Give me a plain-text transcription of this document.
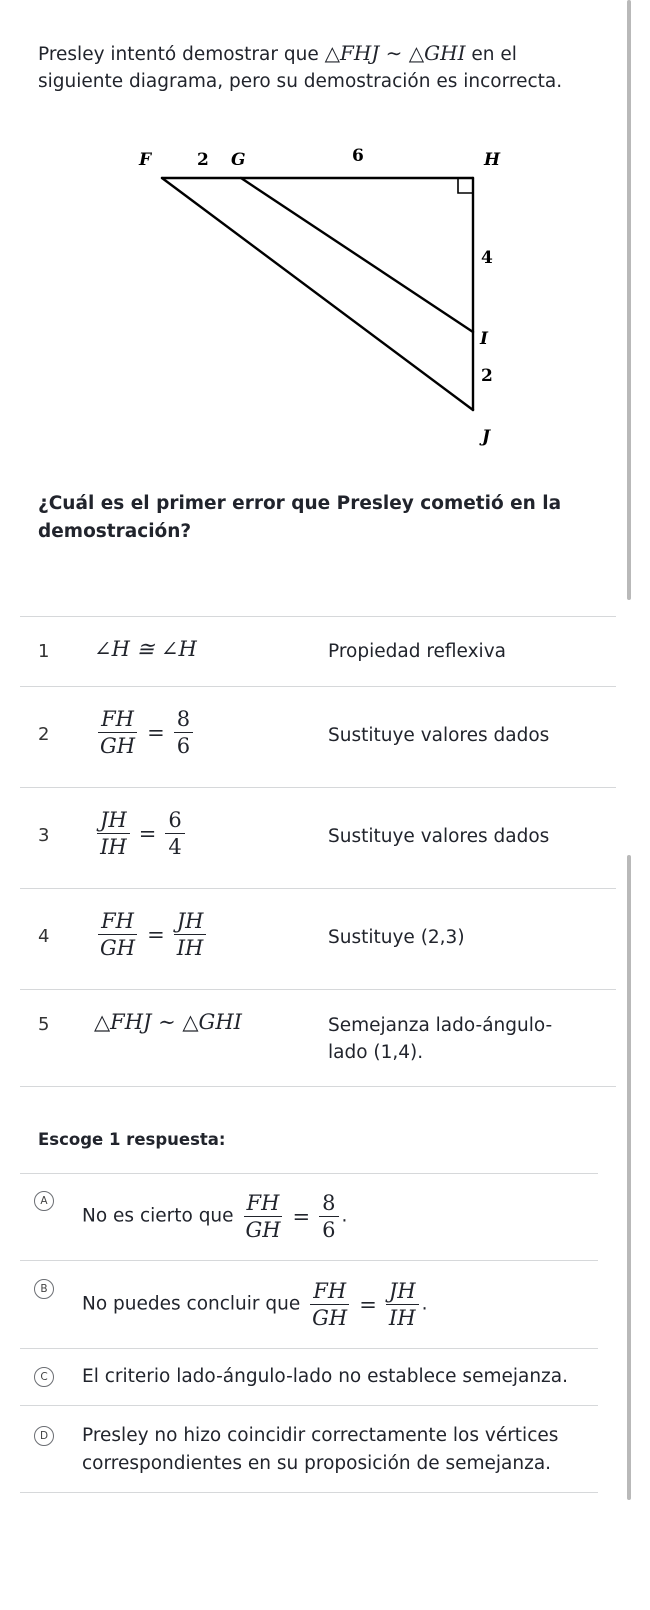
Presley intentó demostrar que △FHJ ∼ △GHI en el siguiente diagrama, pero su demostración es incorrecta.
F	G	H
I
J
2	6
4
2
¿Cuál es el primer error que Presley cometió en la demostración?
1 ∠H ≅ ∠H	Propiedad reflexiva
$2 \frac{FH}{GH} = \frac{8}{6}$	Sustituye valores dados
$3 \frac{JH}{IH} = \frac{6}{4}$	Sustituye valores dados
$4 \frac{FH}{GH} = \frac{JH}{IH}$	Sustituye (2,3)
5 △FHJ ∼ △GHI	Semejanza lado-ángulo-lado (1,4).
Escoge 1 respuesta:
A
No es cierto que $\frac{FH}{GH} = \frac{8}{6}$ .
B
No puedes concluir que $\frac{FH}{GH} = \frac{JH}{IH}$ .
C	El criterio lado-ángulo-lado no establece semejanza.
D	Presley no hizo coincidir correctamente los vértices correspondientes en su proposición de semejanza.
